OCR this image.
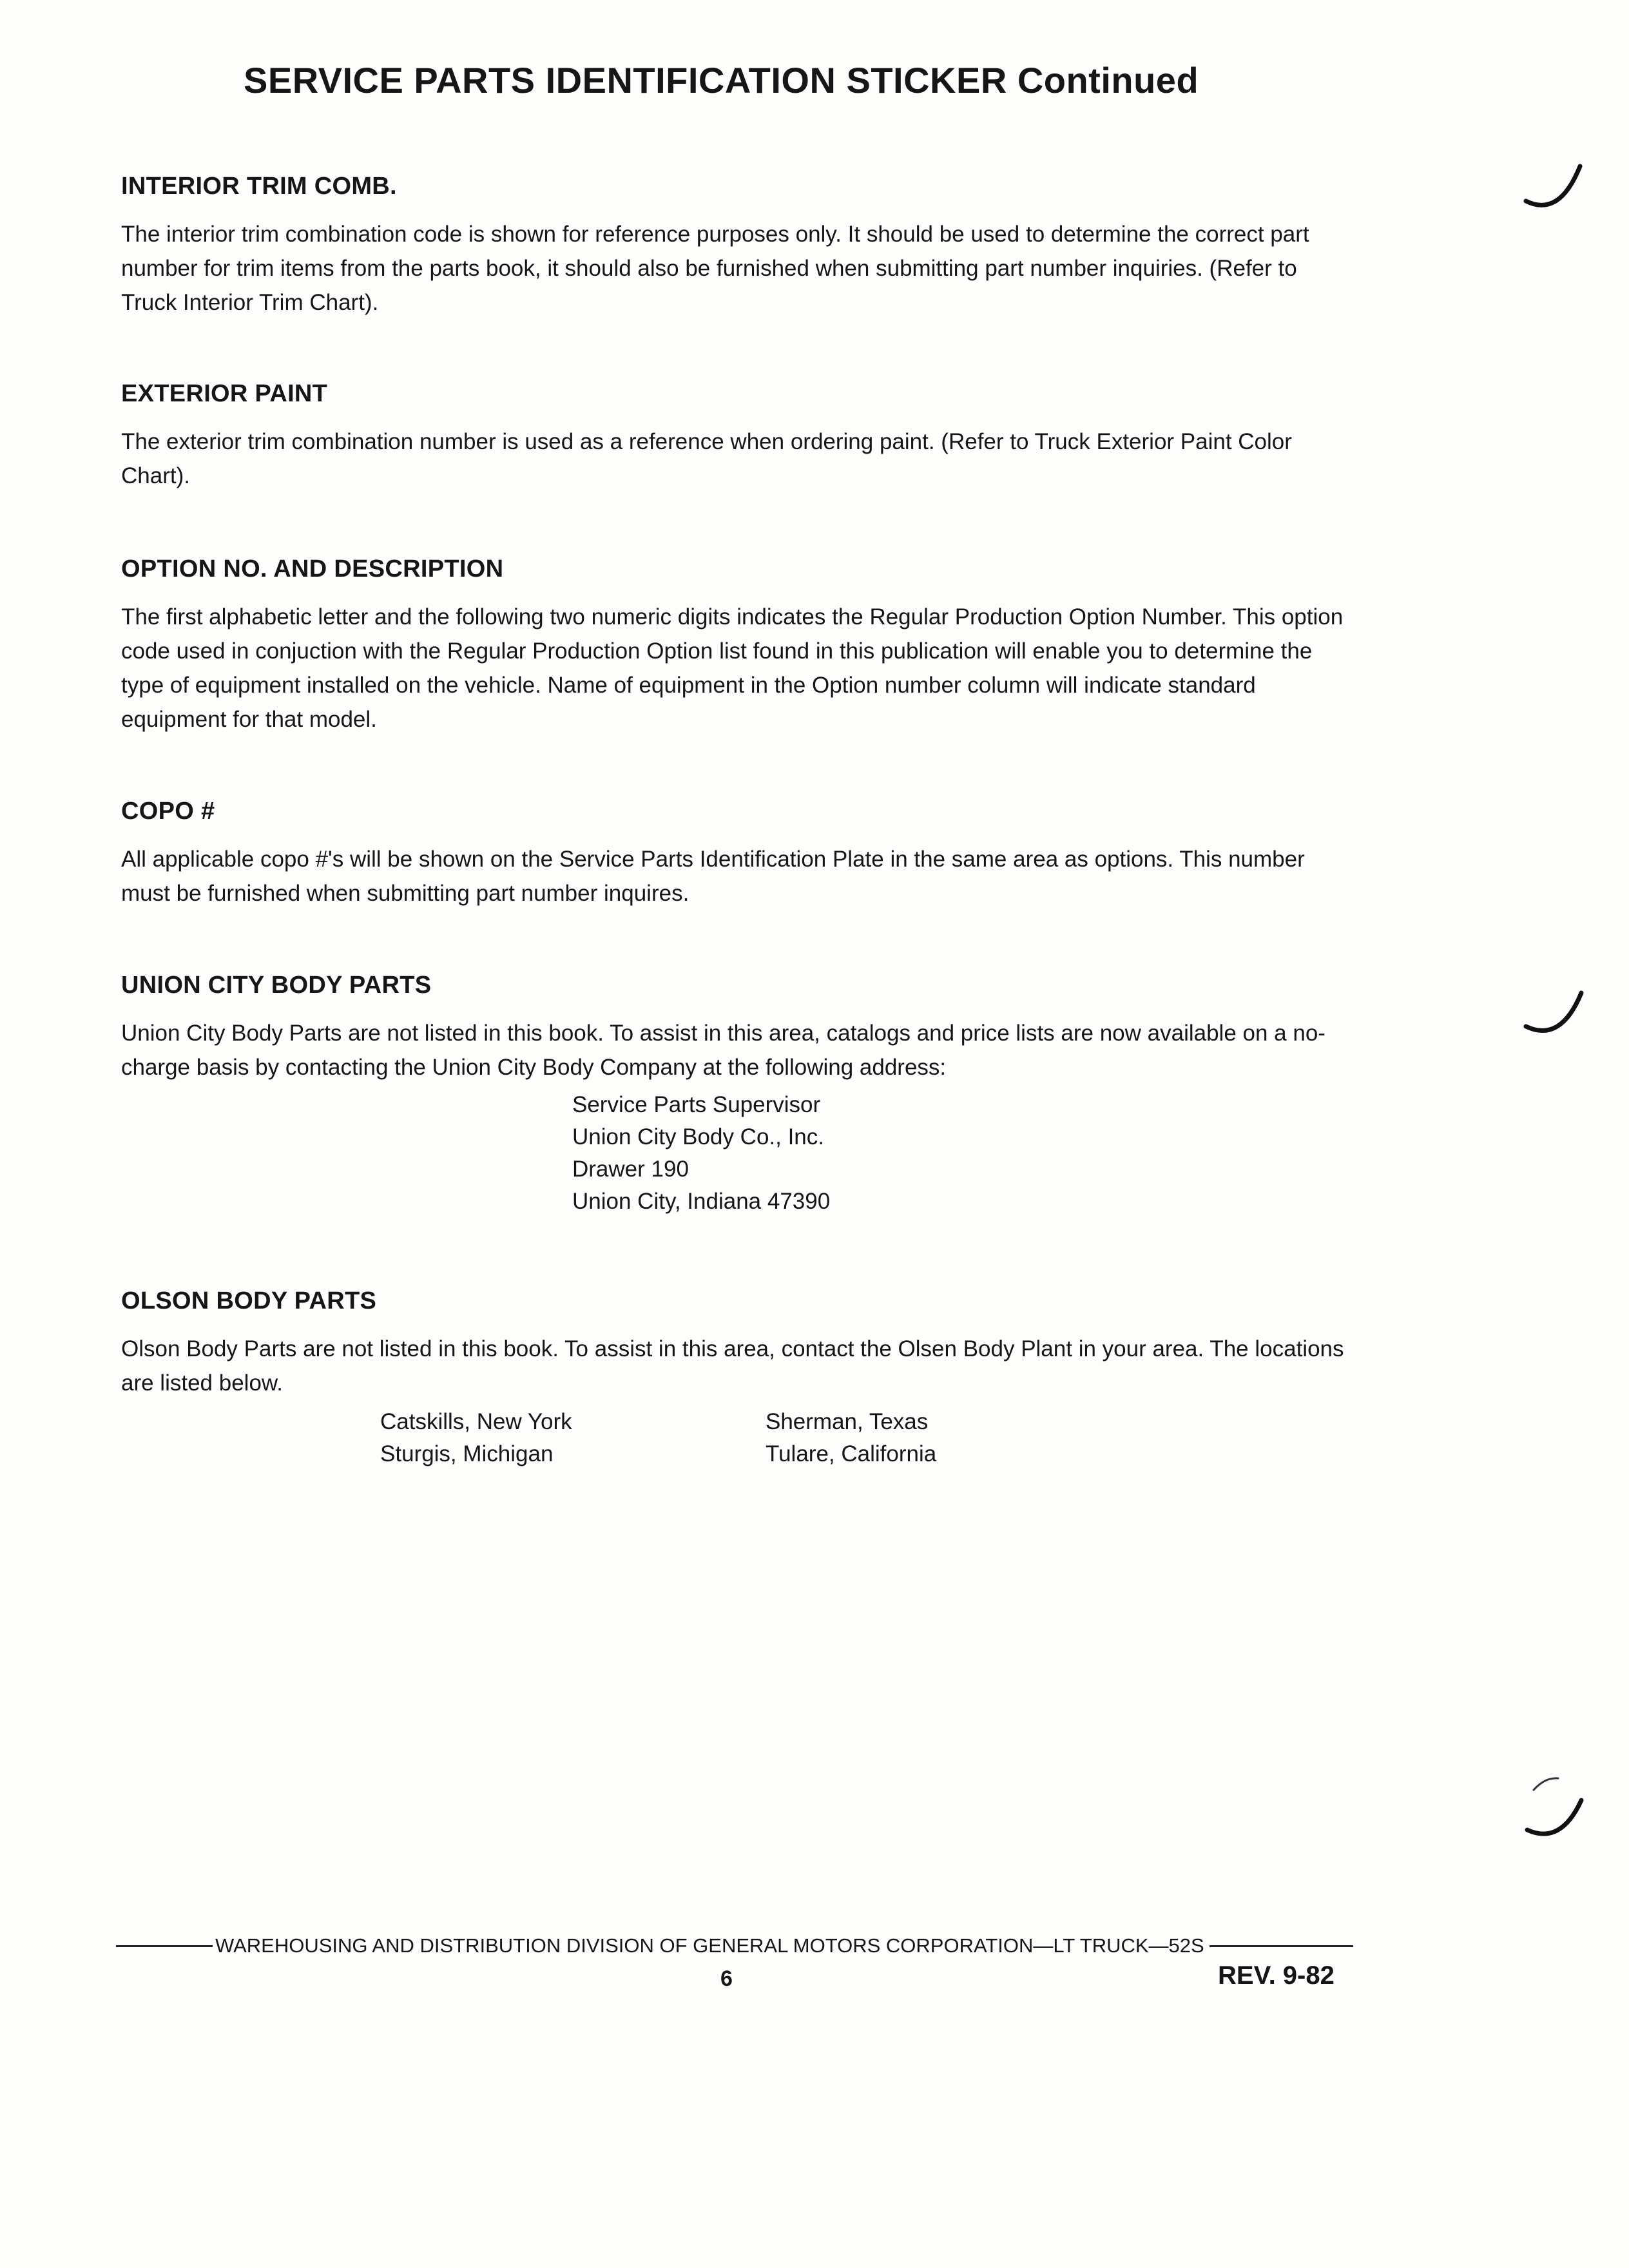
SERVICE PARTS IDENTIFICATION STICKER Continued
INTERIOR TRIM COMB.

The interior trim combination code is shown for reference purposes only. It should be used to determine the correct part number for trim items from the parts book, it should also be furnished when submitting part number inquiries. (Refer to Truck Interior Trim Chart).

EXTERIOR PAINT

The exterior trim combination number is used as a reference when ordering paint. (Refer to Truck Exterior Paint Color Chart).

OPTION NO. AND DESCRIPTION

The first alphabetic letter and the following two numeric digits indicates the Regular Production Option Number. This option code used in conjuction with the Regular Production Option list found in this publication will enable you to determine the type of equipment installed on the vehicle. Name of equipment in the Option number column will indicate standard equipment for that model.

COPO #

All applicable copo #'s will be shown on the Service Parts Identification Plate in the same area as options. This number must be furnished when submitting part number inquires.

UNION CITY BODY PARTS

Union City Body Parts are not listed in this book. To assist in this area, catalogs and price lists are now available on a no-charge basis by contacting the Union City Body Company at the following address:

Service Parts Supervisor
Union City Body Co., Inc.
Drawer 190
Union City, Indiana 47390
OLSON BODY PARTS

Olson Body Parts are not listed in this book. To assist in this area, contact the Olsen Body Plant in your area. The locations are listed below.

Catskills, New York
Sturgis, Michigan
Sherman, Texas
Tulare, California
WAREHOUSING AND DISTRIBUTION DIVISION OF GENERAL MOTORS CORPORATION—LT TRUCK—52S
6	REV. 9-82
